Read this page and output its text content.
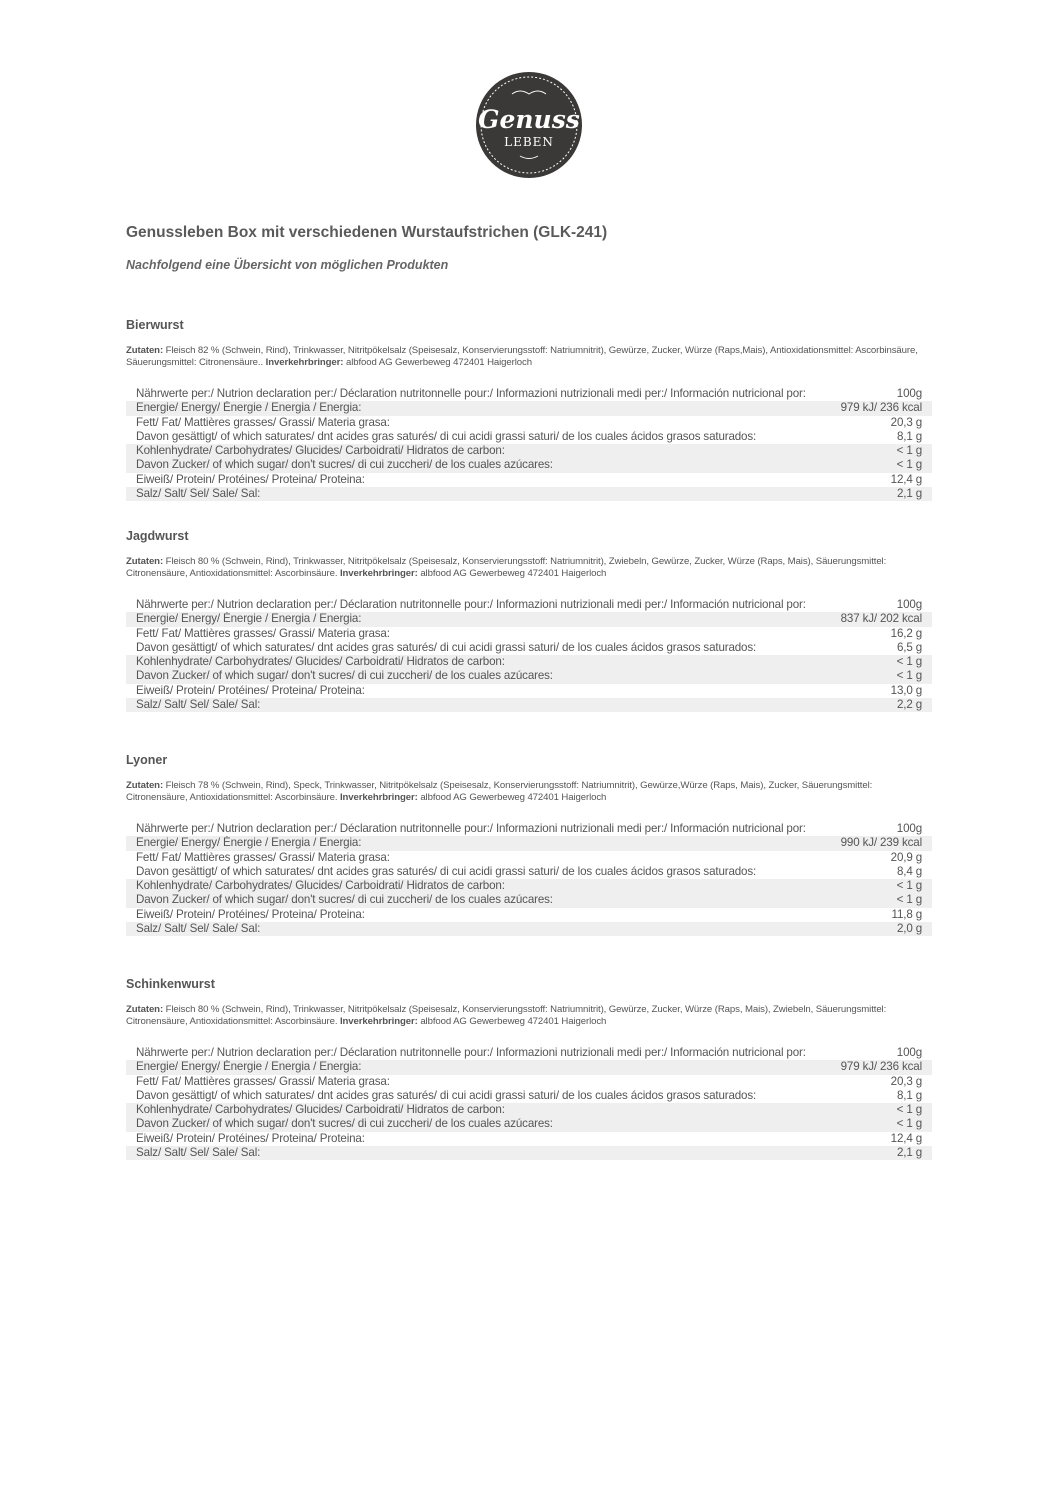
Genuss
LEBEN
Genussleben Box mit verschiedenen Wurstaufstrichen (GLK-241)
Nachfolgend eine Übersicht von möglichen Produkten
Bierwurst
Zutaten: Fleisch 82 % (Schwein, Rind), Trinkwasser, Nitritpökelsalz (Speisesalz, Konservierungsstoff: Natriumnitrit), Gewürze, Zucker, Würze (Raps,Mais), Antioxidationsmittel: Ascorbinsäure, Säuerungsmittel: Citronensäure.. Inverkehrbringer: albfood AG Gewerbeweg 472401 Haigerloch
Nährwerte per:/ Nutrion declaration per:/ Déclaration nutritonnelle pour:/ Informazioni nutrizionali medi per:/ Información nutricional por:	100g
Energie/ Energy/ Énergie / Energia / Energia:	979 kJ/ 236 kcal
Fett/ Fat/ Mattières grasses/ Grassi/ Materia grasa:	20,3 g
Davon gesättigt/ of which saturates/ dnt acides gras saturés/ di cui acidi grassi saturi/ de los cuales ácidos grasos saturados:	8,1 g
Kohlenhydrate/ Carbohydrates/ Glucides/ Carboidrati/ Hidratos de carbon:	< 1 g
Davon Zucker/ of which sugar/ don't sucres/ di cui zuccheri/ de los cuales azúcares:	< 1 g
Eiweiß/ Protein/ Protéines/ Proteina/ Proteina:	12,4 g
Salz/ Salt/ Sel/ Sale/ Sal:	2,1 g
Jagdwurst
Zutaten: Fleisch 80 % (Schwein, Rind), Trinkwasser, Nitritpökelsalz (Speisesalz, Konservierungsstoff: Natriumnitrit), Zwiebeln, Gewürze, Zucker, Würze (Raps, Mais), Säuerungsmittel: Citronensäure, Antioxidationsmittel: Ascorbinsäure. Inverkehrbringer: albfood AG Gewerbeweg 472401 Haigerloch
Nährwerte per:/ Nutrion declaration per:/ Déclaration nutritonnelle pour:/ Informazioni nutrizionali medi per:/ Información nutricional por:	100g
Energie/ Energy/ Énergie / Energia / Energia:	837 kJ/ 202 kcal
Fett/ Fat/ Mattières grasses/ Grassi/ Materia grasa:	16,2 g
Davon gesättigt/ of which saturates/ dnt acides gras saturés/ di cui acidi grassi saturi/ de los cuales ácidos grasos saturados:	6,5 g
Kohlenhydrate/ Carbohydrates/ Glucides/ Carboidrati/ Hidratos de carbon:	< 1 g
Davon Zucker/ of which sugar/ don't sucres/ di cui zuccheri/ de los cuales azúcares:	< 1 g
Eiweiß/ Protein/ Protéines/ Proteina/ Proteina:	13,0 g
Salz/ Salt/ Sel/ Sale/ Sal:	2,2 g
Lyoner
Zutaten: Fleisch 78 % (Schwein, Rind), Speck, Trinkwasser, Nitritpökelsalz (Speisesalz, Konservierungsstoff: Natriumnitrit), Gewürze,Würze (Raps, Mais), Zucker, Säuerungsmittel: Citronensäure, Antioxidationsmittel: Ascorbinsäure. Inverkehrbringer: albfood AG Gewerbeweg 472401 Haigerloch
Nährwerte per:/ Nutrion declaration per:/ Déclaration nutritonnelle pour:/ Informazioni nutrizionali medi per:/ Información nutricional por:	100g
Energie/ Energy/ Énergie / Energia / Energia:	990 kJ/ 239 kcal
Fett/ Fat/ Mattières grasses/ Grassi/ Materia grasa:	20,9 g
Davon gesättigt/ of which saturates/ dnt acides gras saturés/ di cui acidi grassi saturi/ de los cuales ácidos grasos saturados:	8,4 g
Kohlenhydrate/ Carbohydrates/ Glucides/ Carboidrati/ Hidratos de carbon:	< 1 g
Davon Zucker/ of which sugar/ don't sucres/ di cui zuccheri/ de los cuales azúcares:	< 1 g
Eiweiß/ Protein/ Protéines/ Proteina/ Proteina:	11,8 g
Salz/ Salt/ Sel/ Sale/ Sal:	2,0 g
Schinkenwurst
Zutaten: Fleisch 80 % (Schwein, Rind), Trinkwasser, Nitritpökelsalz (Speisesalz, Konservierungsstoff: Natriumnitrit), Gewürze, Zucker, Würze (Raps, Mais), Zwiebeln, Säuerungsmittel: Citronensäure, Antioxidationsmittel: Ascorbinsäure. Inverkehrbringer: albfood AG Gewerbeweg 472401 Haigerloch
Nährwerte per:/ Nutrion declaration per:/ Déclaration nutritonnelle pour:/ Informazioni nutrizionali medi per:/ Información nutricional por:	100g
Energie/ Energy/ Énergie / Energia / Energia:	979 kJ/ 236 kcal
Fett/ Fat/ Mattières grasses/ Grassi/ Materia grasa:	20,3 g
Davon gesättigt/ of which saturates/ dnt acides gras saturés/ di cui acidi grassi saturi/ de los cuales ácidos grasos saturados:	8,1 g
Kohlenhydrate/ Carbohydrates/ Glucides/ Carboidrati/ Hidratos de carbon:	< 1 g
Davon Zucker/ of which sugar/ don't sucres/ di cui zuccheri/ de los cuales azúcares:	< 1 g
Eiweiß/ Protein/ Protéines/ Proteina/ Proteina:	12,4 g
Salz/ Salt/ Sel/ Sale/ Sal:	2,1 g
